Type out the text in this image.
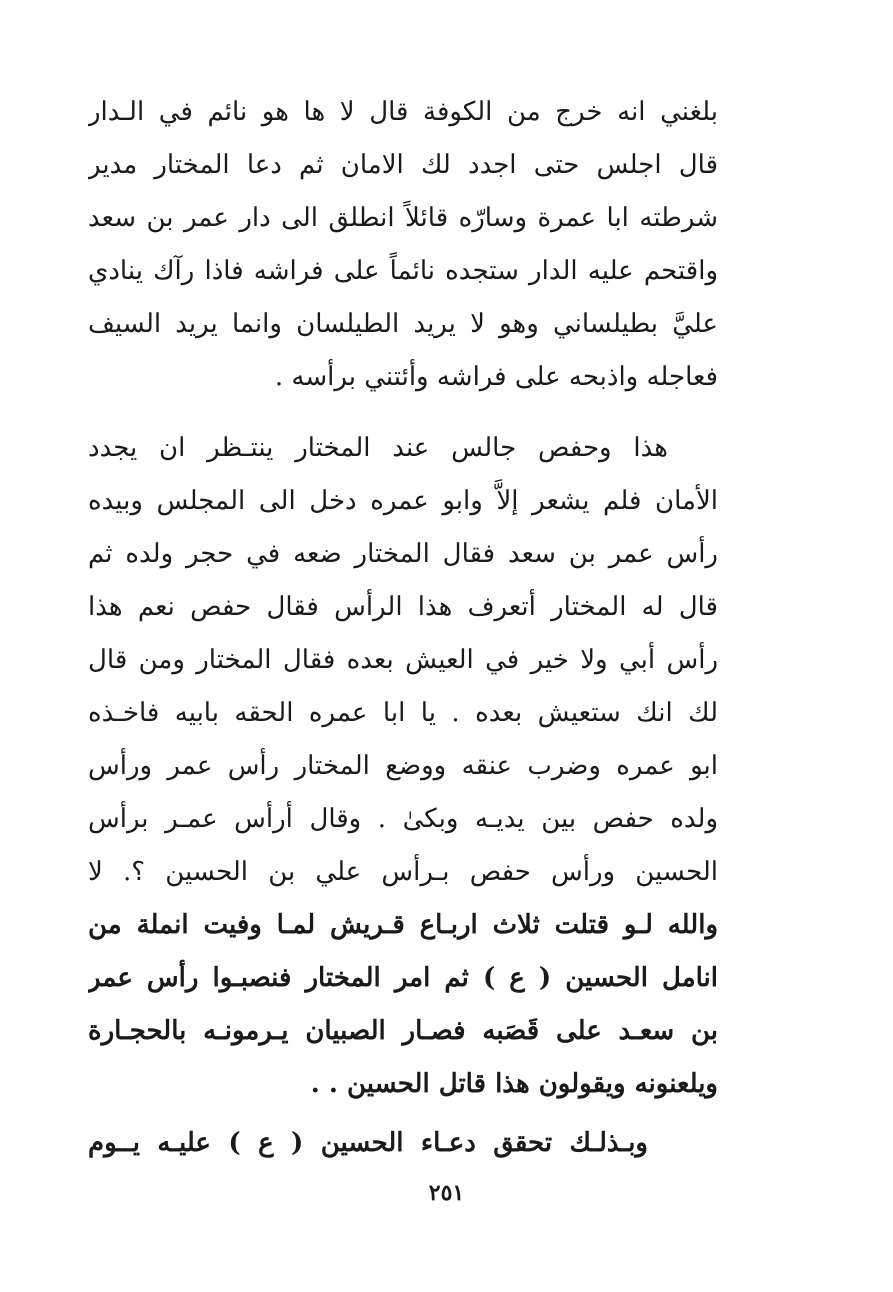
بلغني انه خرج من الكوفة قال لا ها هو نائم في الـدار
قال اجلس حتى اجدد لك الامان ثم دعا المختار مدير
شرطته ابا عمرة وسارّه قائلاً انطلق الى دار عمر بن سعد
واقتحم عليه الدار ستجده نائماً على فراشه فاذا رآك ينادي
عليَّ بطيلساني وهو لا يريد الطيلسان وانما يريد السيف
فعاجله واذبحه على فراشه وأئتني برأسه .
هذا وحفص جالس عند المختار ينتـظر ان يجدد
الأمان فلم يشعر إلاَّ وابو عمره دخل الى المجلس وبيده
رأس عمر بن سعد فقال المختار ضعه في حجر ولده ثم
قال له المختار أتعرف هذا الرأس فقال حفص نعم هذا
رأس أبي ولا خير في العيش بعده فقال المختار ومن قال
لك انك ستعيش بعده . يا ابا عمره الحقه بابيه فاخـذه
ابو عمره وضرب عنقه ووضع المختار رأس عمر ورأس
ولده حفص بين يديـه وبكىٰ . وقال أرأس عمـر برأس
الحسين ورأس حفص بـرأس علي بن الحسين ؟. لا
والله لـو قتلت ثلاث اربـاع قـريش لمـا وفيت انملة من
انامل الحسين ( ع ) ثم امر المختار فنصبـوا رأس عمر
بن سعـد على قَصَبه فصـار الصبيان يـرمونـه بالحجـارة
ويلعنونه ويقولون هذا قاتل الحسين . .
وبـذلـك تحقق دعـاء الحسين ( ع ) عليـه يــوم
٢٥١
